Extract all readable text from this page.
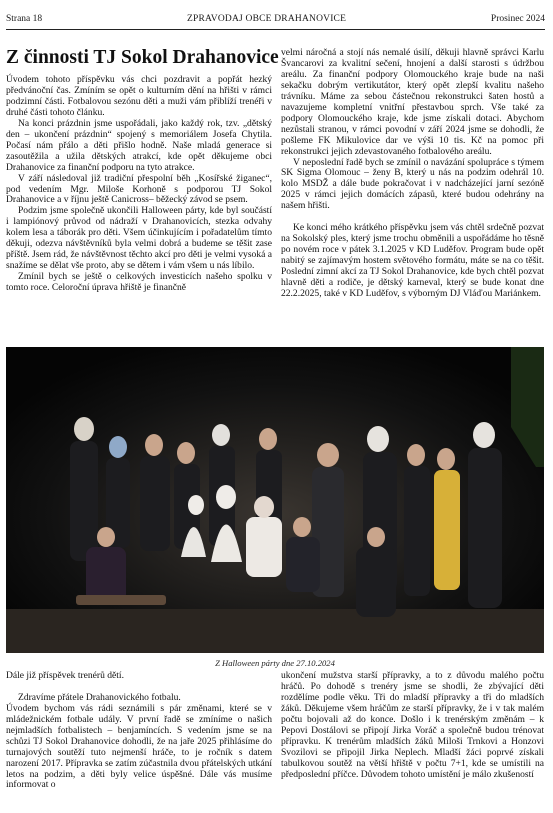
Strana 18	ZPRAVODAJ OBCE DRAHANOVICE	Prosinec 2024
Z činnosti TJ Sokol Drahanovice

Úvodem tohoto příspěvku vás chci pozdravit a popřát hezký předvánoční čas. Zmíním se opět o kulturním dění na hřišti v rámci podzimní části. Fotbalovou sezónu děti a muži vám přiblíží trenéři v druhé části tohoto článku.

Na konci prázdnin jsme uspořádali, jako každý rok, tzv. „dětský den – ukončení prázdnin“ spojený s memoriálem Josefa Chytila. Počasí nám přálo a děti přišlo hodně. Naše mladá generace si zasoutěžila a užila dětských atrakcí, kde opět děkujeme obci Drahanovice za finanční podporu na tyto atrakce.

V září následoval již tradiční přespolní běh „Kosířské žiganec“, pod vedením Mgr. Miloše Korhoně s podporou TJ Sokol Drahanovice a v říjnu ještě Canicross– běžecký závod se psem.

Podzim jsme společně ukončili Halloween párty, kde byl součástí i lampiónový průvod od nádraží v Drahanovicích, stezka odvahy kolem lesa a táborák pro děti. Všem účinkujícím i pořadatelům tímto děkuji, odezva návštěvníků byla velmi dobrá a budeme se těšit zase příště. Jsem rád, že návštěvnost těchto akcí pro děti je velmi vysoká a snažíme se dělat vše proto, aby se dětem i vám všem u nás líbilo.

Zmínil bych se ještě o celkových investicích našeho spolku v tomto roce. Celoroční úprava hřiště je finančně

velmi náročná a stojí nás nemalé úsilí, děkuji hlavně správci Karlu Švancarovi za kvalitní sečení, hnojení a další starosti s údržbou areálu. Za finanční podpory Olomouckého kraje bude na naši sekačku dobrým vertikutátor, který opět zlepší kvalitu našeho trávníku. Máme za sebou částečnou rekonstrukci šaten hostů a navazujeme kompletní vnitřní přestavbou sprch. Vše také za podpory Olomouckého kraje, kde jsme získali dotaci. Abychom nezůstali stranou, v rámci povodní v září 2024 jsme se dohodli, že pošleme FK Mikulovice dar ve výši 10 tis. Kč na pomoc při rekonstrukci jejich zdevastovaného fotbalového areálu.

V neposlední řadě bych se zmínil o navázání spolupráce s týmem SK Sigma Olomouc – ženy B, který u nás na podzim odehrál 10. kolo MSDŽ a dále bude pokračovat i v nadcházející jarní sezóně 2025 v rámci jejich domácích zápasů, které budou odehrány na našem hřišti.

Ke konci mého krátkého příspěvku jsem vás chtěl srdečně pozvat na Sokolský ples, který jsme trochu obměnili a uspořádáme ho těsně po novém roce v pátek 3.1.2025 v KD Luděfov. Program bude opět nabitý se zajímavým hostem světového formátu, máte se na co těšit. Poslední zimní akcí za TJ Sokol Drahanovice, kde bych chtěl pozvat hlavně děti a rodiče, je dětský karneval, který se bude konat dne 22.2.2025, také v KD Luděfov, s výborným DJ Vláďou Mariánkem.

Z Halloween párty dne 27.10.2024

Dále již příspěvek trenérů dětí.

Zdravíme přátele Drahanovického fotbalu.

Úvodem bychom vás rádi seznámili s pár změnami, které se v mládežnickém fotbale udály. V první řadě se zmíníme o našich nejmladších fotbalistech – benjamíncích. S vedením jsme se na schůzi TJ Sokol Drahanovice dohodli, že na jaře 2025 přihlásíme do turnajových soutěží tuto nejmenší hráče, to je ročník s datem narození 2017. Přípravka se zatím zúčastnila dvou přátelských utkání letos na podzim, a děti byly velice úspěšné. Dále vás musíme informovat o

ukončení mužstva starší přípravky, a to z důvodu malého počtu hráčů. Po dohodě s trenéry jsme se shodli, že zbývající děti rozdělíme podle věku. Tři do mladší přípravky a tři do mladších žáků. Děkujeme všem hráčům ze starší přípravky, že i v tak malém počtu bojovali až do konce. Došlo i k trenérským změnám – k Pepovi Dostálovi se připojí Jirka Voráč a společně budou trénovat přípravku. K trenérům mladších žáků Miloši Trnkovi a Honzovi Svozilovi se připojil Jirka Neplech. Mladší žáci poprvé získali tabulkovou soutěž na větší hřiště v počtu 7+1, kde se umístili na předposlední příčce. Důvodem tohoto umístění je málo zkušeností
